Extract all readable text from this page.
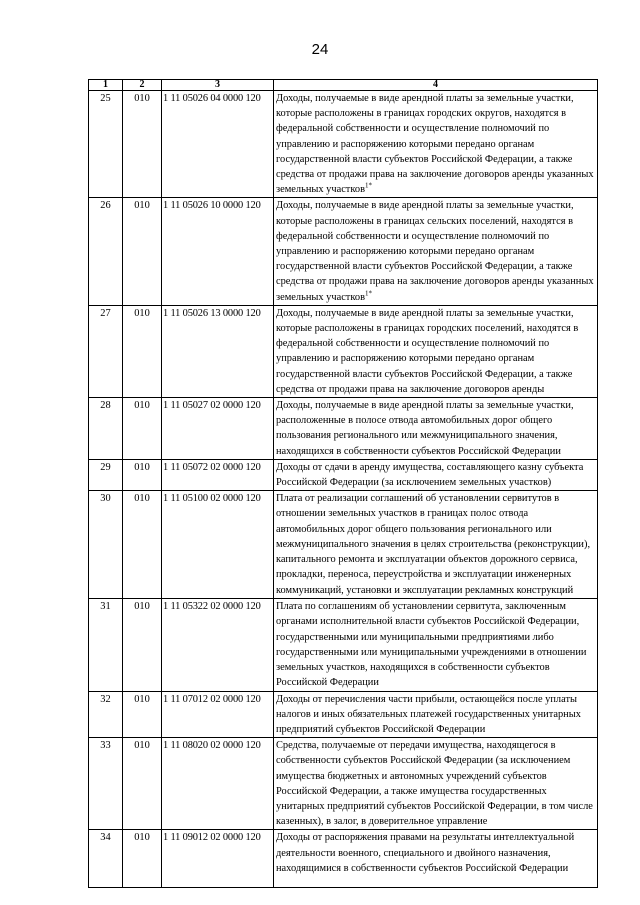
24
1	2	3	4
25	010	1 11 05026 04 0000 120	Доходы, получаемые в виде арендной платы за земельные участки, которые расположены в границах городских округов, находятся в федеральной собственности и осуществление полномочий по управлению и распоряжению которыми передано органам государственной власти субъектов Российской Федерации, а также средства от продажи права на заключение договоров аренды указанных земельных участков$^{1*}$
26	010	1 11 05026 10 0000 120	Доходы, получаемые в виде арендной платы за земельные участки, которые расположены в границах сельских поселений, находятся в федеральной собственности и осуществление полномочий по управлению и распоряжению которыми передано органам государственной власти субъектов Российской Федерации, а также средства от продажи права на заключение договоров аренды указанных земельных участков$^{1*}$
27	010	1 11 05026 13 0000 120	Доходы, получаемые в виде арендной платы за земельные участки, которые расположены в границах городских поселений, находятся в федеральной собственности и осуществление полномочий по управлению и распоряжению которыми передано органам государственной власти субъектов Российской Федерации, а также средства от продажи права на заключение договоров аренды
28	010	1 11 05027 02 0000 120	Доходы, получаемые в виде арендной платы за земельные участки, расположенные в полосе отвода автомобильных дорог общего пользования регионального или межмуниципального значения, находящихся в собственности субъектов Российской Федерации
29	010	1 11 05072 02 0000 120	Доходы от сдачи в аренду имущества, составляющего казну субъекта Российской Федерации (за исключением земельных участков)
30	010	1 11 05100 02 0000 120	Плата от реализации соглашений об установлении сервитутов в отношении земельных участков в границах полос отвода автомобильных дорог общего пользования регионального или межмуниципального значения в целях строительства (реконструкции), капитального ремонта и эксплуатации объектов дорожного сервиса, прокладки, переноса, переустройства и эксплуатации инженерных коммуникаций, установки и эксплуатации рекламных конструкций
31	010	1 11 05322 02 0000 120	Плата по соглашениям об установлении сервитута, заключенным органами исполнительной власти субъектов Российской Федерации, государственными или муниципальными предприятиями либо государственными или муниципальными учреждениями в отношении земельных участков, находящихся в собственности субъектов Российской Федерации
32	010	1 11 07012 02 0000 120	Доходы от перечисления части прибыли, остающейся после уплаты налогов и иных обязательных платежей государственных унитарных предприятий субъектов Российской Федерации
33	010	1 11 08020 02 0000 120	Средства, получаемые от передачи имущества, находящегося в собственности субъектов Российской Федерации (за исключением имущества бюджетных и автономных учреждений субъектов Российской Федерации, а также имущества государственных унитарных предприятий субъектов Российской Федерации, в том числе казенных), в залог, в доверительное управление
34	010	1 11 09012 02 0000 120	Доходы от распоряжения правами на результаты интеллектуальной деятельности военного, специального и двойного назначения, находящимися в собственности субъектов Российской Федерации
